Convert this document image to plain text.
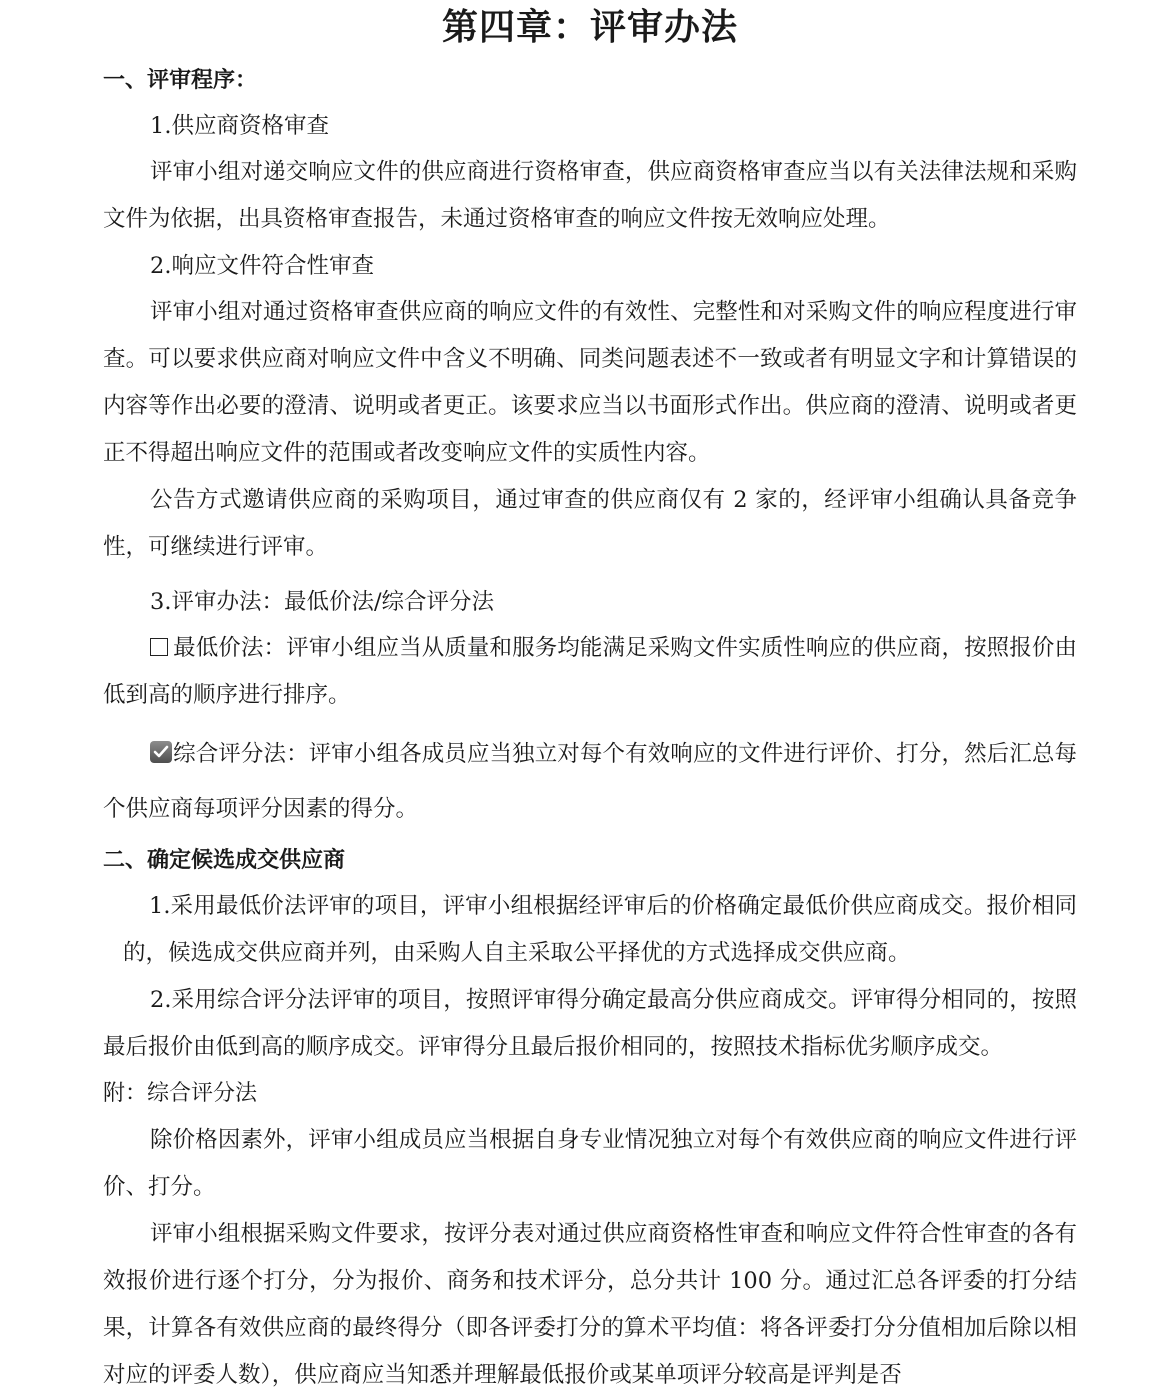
第四章：评审办法

一、评审程序：

1.供应商资格审查

评审小组对递交响应文件的供应商进行资格审查，供应商资格审查应当以有关法律法规和采购文件为依据，出具资格审查报告，未通过资格审查的响应文件按无效响应处理。

2.响应文件符合性审查

评审小组对通过资格审查供应商的响应文件的有效性、完整性和对采购文件的响应程度进行审查。可以要求供应商对响应文件中含义不明确、同类问题表述不一致或者有明显文字和计算错误的内容等作出必要的澄清、说明或者更正。该要求应当以书面形式作出。供应商的澄清、说明或者更正不得超出响应文件的范围或者改变响应文件的实质性内容。

公告方式邀请供应商的采购项目，通过审查的供应商仅有 2 家的，经评审小组确认具备竞争性，可继续进行评审。

3.评审办法：最低价法/综合评分法

最低价法：评审小组应当从质量和服务均能满足采购文件实质性响应的供应商，按照报价由低到高的顺序进行排序。

综合评分法：评审小组各成员应当独立对每个有效响应的文件进行评价、打分，然后汇总每个供应商每项评分因素的得分。

二、确定候选成交供应商

1.采用最低价法评审的项目，评审小组根据经评审后的价格确定最低价供应商成交。报价相同的，候选成交供应商并列，由采购人自主采取公平择优的方式选择成交供应商。

2.采用综合评分法评审的项目，按照评审得分确定最高分供应商成交。评审得分相同的，按照最后报价由低到高的顺序成交。评审得分且最后报价相同的，按照技术指标优劣顺序成交。

附：综合评分法

除价格因素外，评审小组成员应当根据自身专业情况独立对每个有效供应商的响应文件进行评价、打分。

评审小组根据采购文件要求，按评分表对通过供应商资格性审查和响应文件符合性审查的各有效报价进行逐个打分，分为报价、商务和技术评分，总分共计 100 分。通过汇总各评委的打分结果，计算各有效供应商的最终得分（即各评委打分的算术平均值：将各评委打分分值相加后除以相对应的评委人数），供应商应当知悉并理解最低报价或某单项评分较高是评判是否
